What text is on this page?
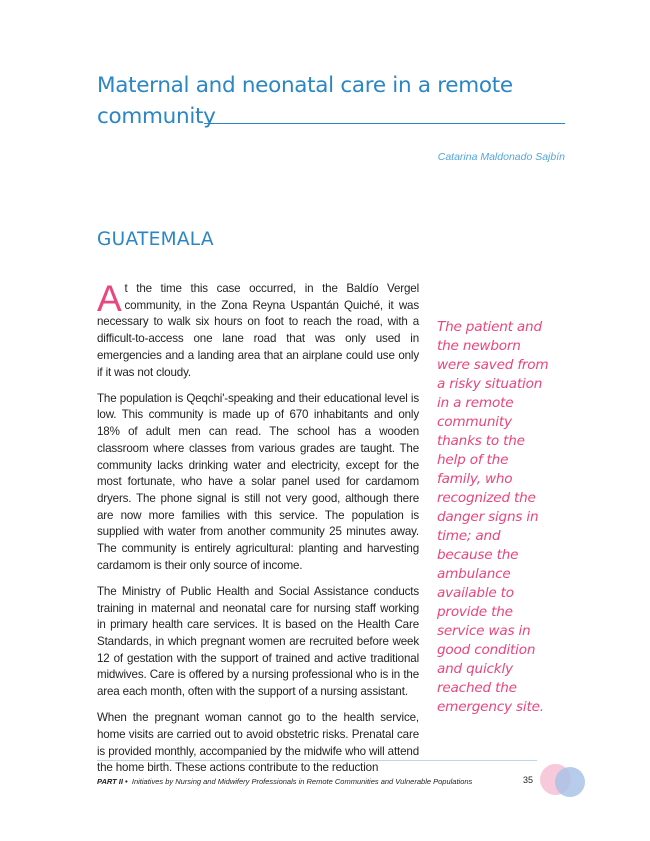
Maternal and neonatal care in a remote community
Catarina Maldonado Sajbín
GUATEMALA

At the time this case occurred, in the Baldío Vergel community, in the Zona Reyna Uspantán Quiché, it was necessary to walk six hours on foot to reach the road, with a difficult-to-access one lane road that was only used in emergencies and a landing area that an airplane could use only if it was not cloudy.

The population is Qeqchi'-speaking and their educational level is low. This community is made up of 670 inhabitants and only 18% of adult men can read. The school has a wooden classroom where classes from various grades are taught. The community lacks drinking water and electricity, except for the most fortunate, who have a solar panel used for cardamom dryers. The phone signal is still not very good, although there are now more families with this service. The population is supplied with water from another community 25 minutes away. The community is entirely agricultural: planting and harvesting cardamom is their only source of income.

The Ministry of Public Health and Social Assistance conducts training in maternal and neonatal care for nursing staff working in primary health care services. It is based on the Health Care Standards, in which pregnant women are recruited before week 12 of gestation with the support of trained and active traditional midwives. Care is offered by a nursing professional who is in the area each month, often with the support of a nursing assistant.

When the pregnant woman cannot go to the health service, home visits are carried out to avoid obstetric risks. Prenatal care is provided monthly, accompanied by the midwife who will attend the home birth. These actions contribute to the reduction

The patient and the newborn were saved from a risky situation in a remote community thanks to the help of the family, who recognized the danger signs in time; and because the ambulance available to provide the service was in good condition and quickly reached the emergency site.
PART II • Initiatives by Nursing and Midwifery Professionals in Remote Communities and Vulnerable Populations	35
